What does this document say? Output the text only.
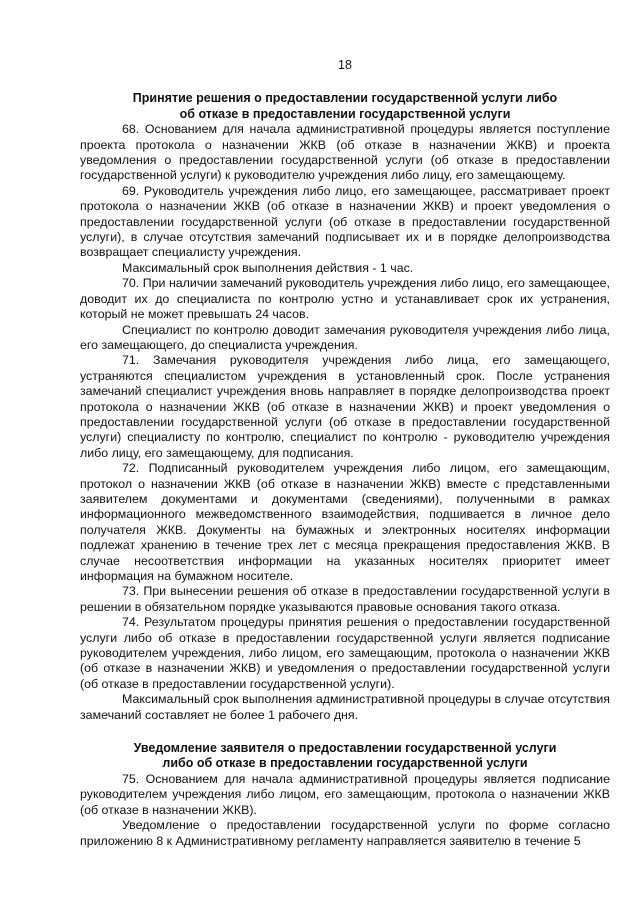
18
Принятие решения о предоставлении государственной услуги либо
об отказе в предоставлении государственной услуги

68. Основанием для начала административной процедуры является поступление проекта протокола о назначении ЖКВ (об отказе в назначении ЖКВ) и проекта уведомления о предоставлении государственной услуги (об отказе в предоставлении государственной услуги) к руководителю учреждения либо лицу, его замещающему.

69. Руководитель учреждения либо лицо, его замещающее, рассматривает проект протокола о назначении ЖКВ (об отказе в назначении ЖКВ) и проект уведомления о предоставлении государственной услуги (об отказе в предоставлении государственной услуги), в случае отсутствия замечаний подписывает их и в порядке делопроизводства возвращает специалисту учреждения.

Максимальный срок выполнения действия - 1 час.

70. При наличии замечаний руководитель учреждения либо лицо, его замещающее, доводит их до специалиста по контролю устно и устанавливает срок их устранения, который не может превышать 24 часов.

Специалист по контролю доводит замечания руководителя учреждения либо лица, его замещающего, до специалиста учреждения.

71. Замечания руководителя учреждения либо лица, его замещающего, устраняются специалистом учреждения в установленный срок. После устранения замечаний специалист учреждения вновь направляет в порядке делопроизводства проект протокола о назначении ЖКВ (об отказе в назначении ЖКВ) и проект уведомления о предоставлении государственной услуги (об отказе в предоставлении государственной услуги) специалисту по контролю, специалист по контролю - руководителю учреждения либо лицу, его замещающему, для подписания.

72. Подписанный руководителем учреждения либо лицом, его замещающим, протокол о назначении ЖКВ (об отказе в назначении ЖКВ) вместе с представленными заявителем документами и документами (сведениями), полученными в рамках информационного межведомственного взаимодействия, подшивается в личное дело получателя ЖКВ. Документы на бумажных и электронных носителях информации подлежат хранению в течение трех лет с месяца прекращения предоставления ЖКВ. В случае несоответствия информации на указанных носителях приоритет имеет информация на бумажном носителе.

73. При вынесении решения об отказе в предоставлении государственной услуги в решении в обязательном порядке указываются правовые основания такого отказа.

74. Результатом процедуры принятия решения о предоставлении государственной услуги либо об отказе в предоставлении государственной услуги является подписание руководителем учреждения, либо лицом, его замещающим, протокола о назначении ЖКВ (об отказе в назначении ЖКВ) и уведомления о предоставлении государственной услуги (об отказе в предоставлении государственной услуги).

Максимальный срок выполнения административной процедуры в случае отсутствия замечаний составляет не более 1 рабочего дня.

Уведомление заявителя о предоставлении государственной услуги
либо об отказе в предоставлении государственной услуги

75. Основанием для начала административной процедуры является подписание руководителем учреждения либо лицом, его замещающим, протокола о назначении ЖКВ (об отказе в назначении ЖКВ).

Уведомление о предоставлении государственной услуги по форме согласно приложению 8 к Административному регламенту направляется заявителю в течение 5
